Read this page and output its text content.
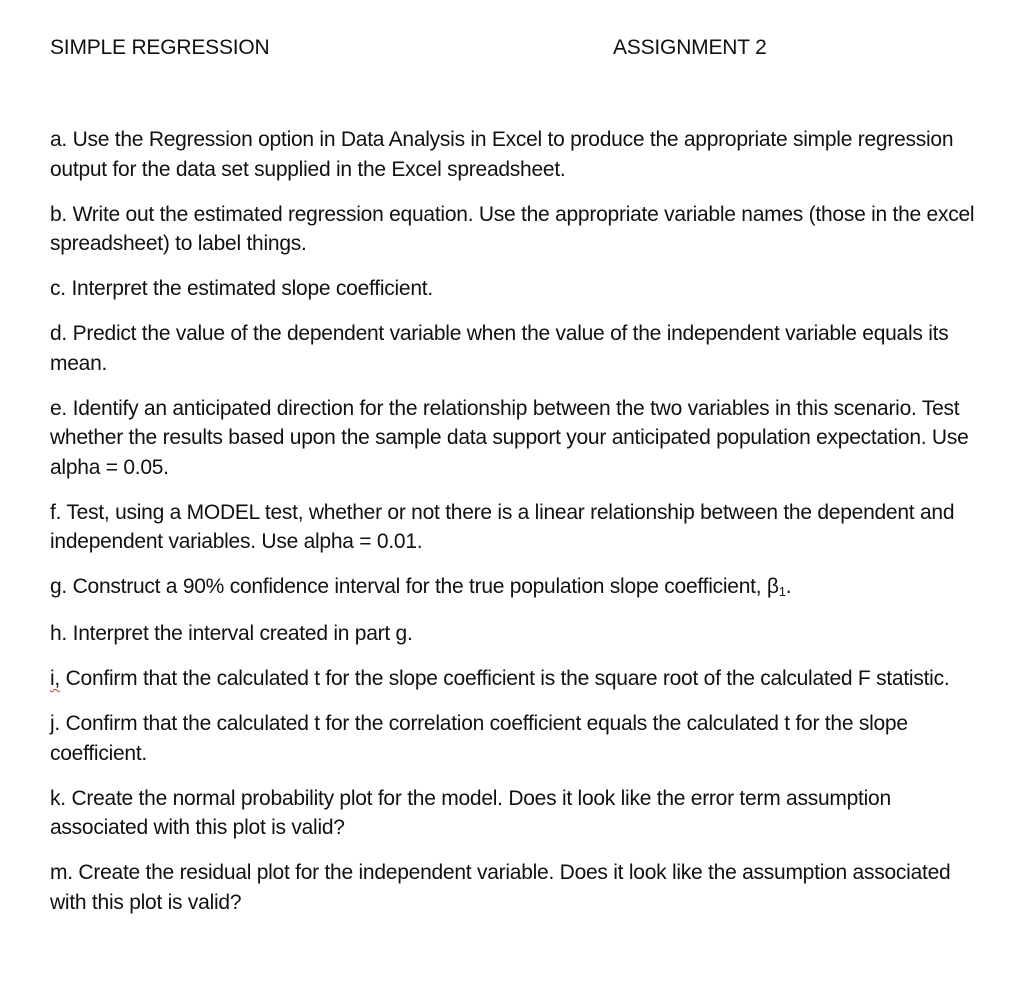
SIMPLE REGRESSION	ASSIGNMENT 2
a. Use the Regression option in Data Analysis in Excel to produce the appropriate simple regression output for the data set supplied in the Excel spreadsheet.
b. Write out the estimated regression equation. Use the appropriate variable names (those in the excel spreadsheet) to label things.
c. Interpret the estimated slope coefficient.
d. Predict the value of the dependent variable when the value of the independent variable equals its mean.
e. Identify an anticipated direction for the relationship between the two variables in this scenario. Test whether the results based upon the sample data support your anticipated population expectation. Use alpha = 0.05.
f. Test, using a MODEL test, whether or not there is a linear relationship between the dependent and independent variables. Use alpha = 0.01.
g. Construct a 90% confidence interval for the true population slope coefficient, $\beta_1$.
h. Interpret the interval created in part g.
i, Confirm that the calculated t for the slope coefficient is the square root of the calculated F statistic.
j. Confirm that the calculated t for the correlation coefficient equals the calculated t for the slope coefficient.
k. Create the normal probability plot for the model. Does it look like the error term assumption associated with this plot is valid?
m. Create the residual plot for the independent variable. Does it look like the assumption associated with this plot is valid?
